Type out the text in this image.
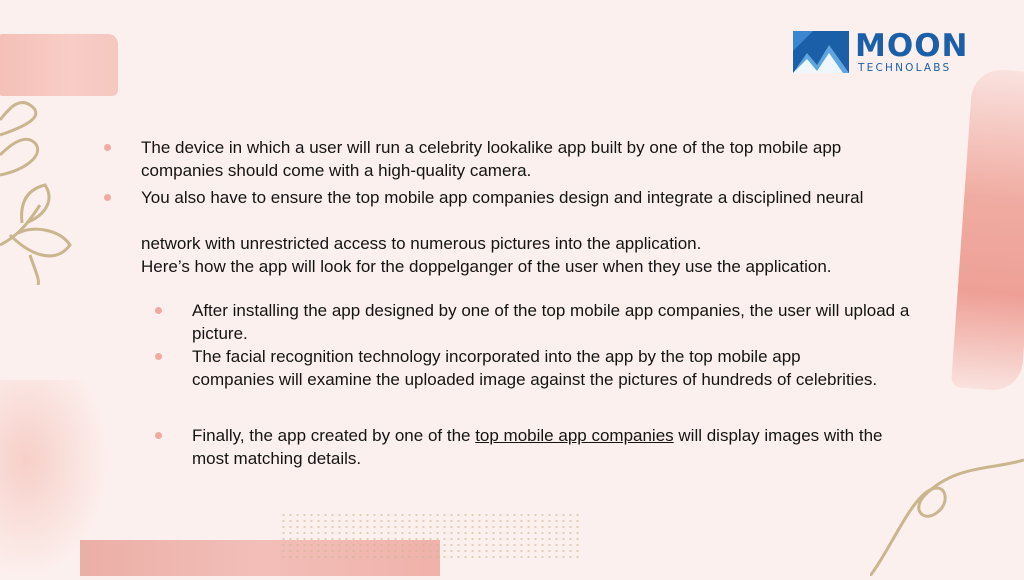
MOON
TECHNOLABS
The device in which a user will run a celebrity lookalike app built by one of the top mobile app companies should come with a high-quality camera.
You also have to ensure the top mobile app companies design and integrate a disciplined neural
network with unrestricted access to numerous pictures into the application.
Here’s how the app will look for the doppelganger of the user when they use the application.
After installing the app designed by one of the top mobile app companies, the user will upload a picture.
The facial recognition technology incorporated into the app by the top mobile app companies will examine the uploaded image against the pictures of hundreds of celebrities.
Finally, the app created by one of the top mobile app companies will display images with the most matching details.
